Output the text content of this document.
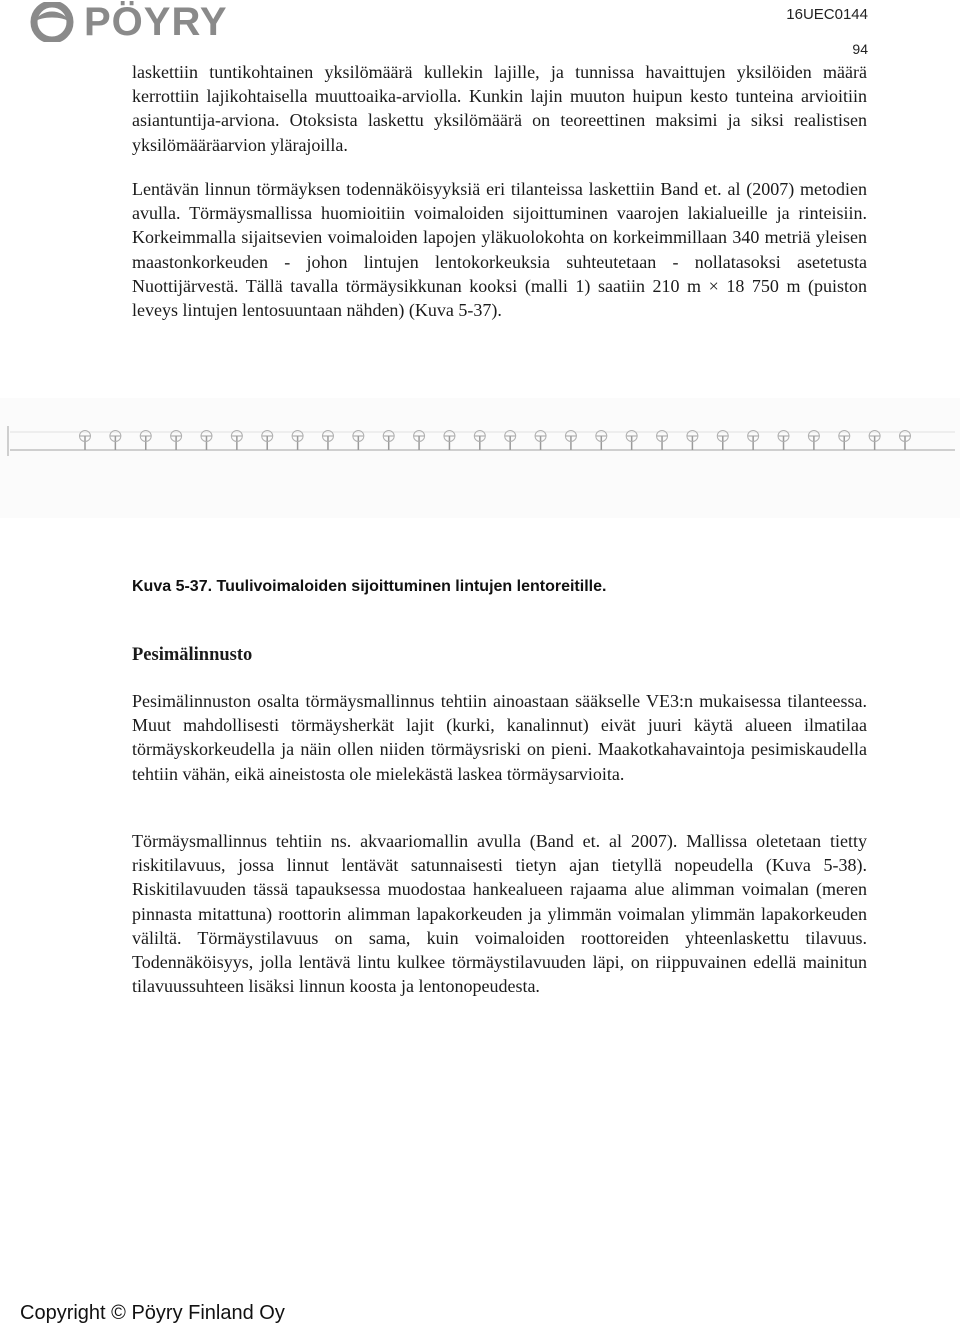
PÖYRY	16UEC0144
94

laskettiin tuntikohtainen yksilömäärä kullekin lajille, ja tunnissa havaittujen yksilöiden määrä kerrottiin lajikohtaisella muuttoaika-arviolla. Kunkin lajin muuton huipun kesto tunteina arvioitiin asiantuntija-arviona. Otoksista laskettu yksilömäärä on teoreettinen maksimi ja siksi realistisen yksilömääräarvion ylärajoilla.

Lentävän linnun törmäyksen todennäköisyyksiä eri tilanteissa laskettiin Band et. al (2007) metodien avulla. Törmäysmallissa huomioitiin voimaloiden sijoittuminen vaarojen lakialueille ja rinteisiin. Korkeimmalla sijaitsevien voimaloiden lapojen yläkuolokohta on korkeimmillaan 340 metriä yleisen maastonkorkeuden - johon lintujen lentokorkeuksia suhteutetaan - nollatasoksi asetetusta Nuottijärvestä. Tällä tavalla törmäysikkunan kooksi (malli 1) saatiin 210 m × 18 750 m (puiston leveys lintujen lentosuuntaan nähden) (Kuva 5-37).

Kuva 5-37. Tuulivoimaloiden sijoittuminen lintujen lentoreitille.
Pesimälinnusto

Pesimälinnuston osalta törmäysmallinnus tehtiin ainoastaan sääkselle VE3:n mukaisessa tilanteessa. Muut mahdollisesti törmäysherkät lajit (kurki, kanalinnut) eivät juuri käytä alueen ilmatilaa törmäyskorkeudella ja näin ollen niiden törmäysriski on pieni. Maakotkahavaintoja pesimiskaudella tehtiin vähän, eikä aineistosta ole mielekästä laskea törmäysarvioita.

Törmäysmallinnus tehtiin ns. akvaariomallin avulla (Band et. al 2007). Mallissa oletetaan tietty riskitilavuus, jossa linnut lentävät satunnaisesti tietyn ajan tietyllä nopeudella (Kuva 5-38). Riskitilavuuden tässä tapauksessa muodostaa hankealueen rajaama alue alimman voimalan (meren pinnasta mitattuna) roottorin alimman lapakorkeuden ja ylimmän voimalan ylimmän lapakorkeuden väliltä. Törmäystilavuus on sama, kuin voimaloiden roottoreiden yhteenlaskettu tilavuus. Todennäköisyys, jolla lentävä lintu kulkee törmäystilavuuden läpi, on riippuvainen edellä mainitun tilavuussuhteen lisäksi linnun koosta ja lentonopeudesta.

Copyright © Pöyry Finland Oy
